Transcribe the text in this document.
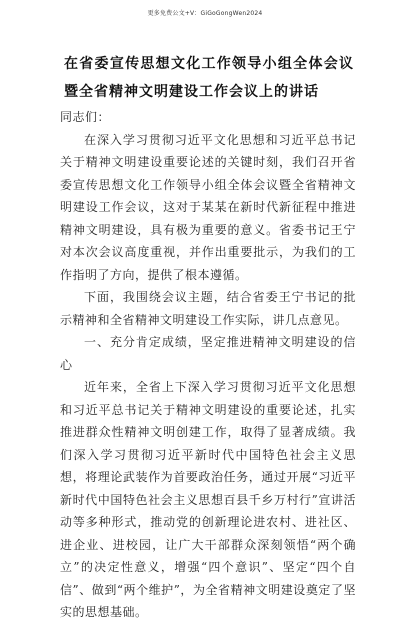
更多免费公文+V：GiGoGongWen2024
在省委宣传思想文化工作领导小组全体会议暨全省精神文明建设工作会议上的讲话

同志们：

在深入学习贯彻习近平文化思想和习近平总书记关于精神文明建设重要论述的关键时刻，我们召开省委宣传思想文化工作领导小组全体会议暨全省精神文明建设工作会议，这对于某某在新时代新征程中推进精神文明建设，具有极为重要的意义。省委书记王宁对本次会议高度重视，并作出重要批示，为我们的工作指明了方向，提供了根本遵循。

下面，我围绕会议主题，结合省委王宁书记的批示精神和全省精神文明建设工作实际，讲几点意见。

一、充分肯定成绩，坚定推进精神文明建设的信心

近年来，全省上下深入学习贯彻习近平文化思想和习近平总书记关于精神文明建设的重要论述，扎实推进群众性精神文明创建工作，取得了显著成绩。我们深入学习贯彻习近平新时代中国特色社会主义思想，将理论武装作为首要政治任务，通过开展“习近平新时代中国特色社会主义思想百县千乡万村行”宣讲活动等多种形式，推动党的创新理论进农村、进社区、进企业、进校园，让广大干部群众深刻领悟“两个确立”的决定性意义，增强“四个意识”、坚定“四个自信”、做到“两个维护”，为全省精神文明建设奠定了坚实的思想基础。
